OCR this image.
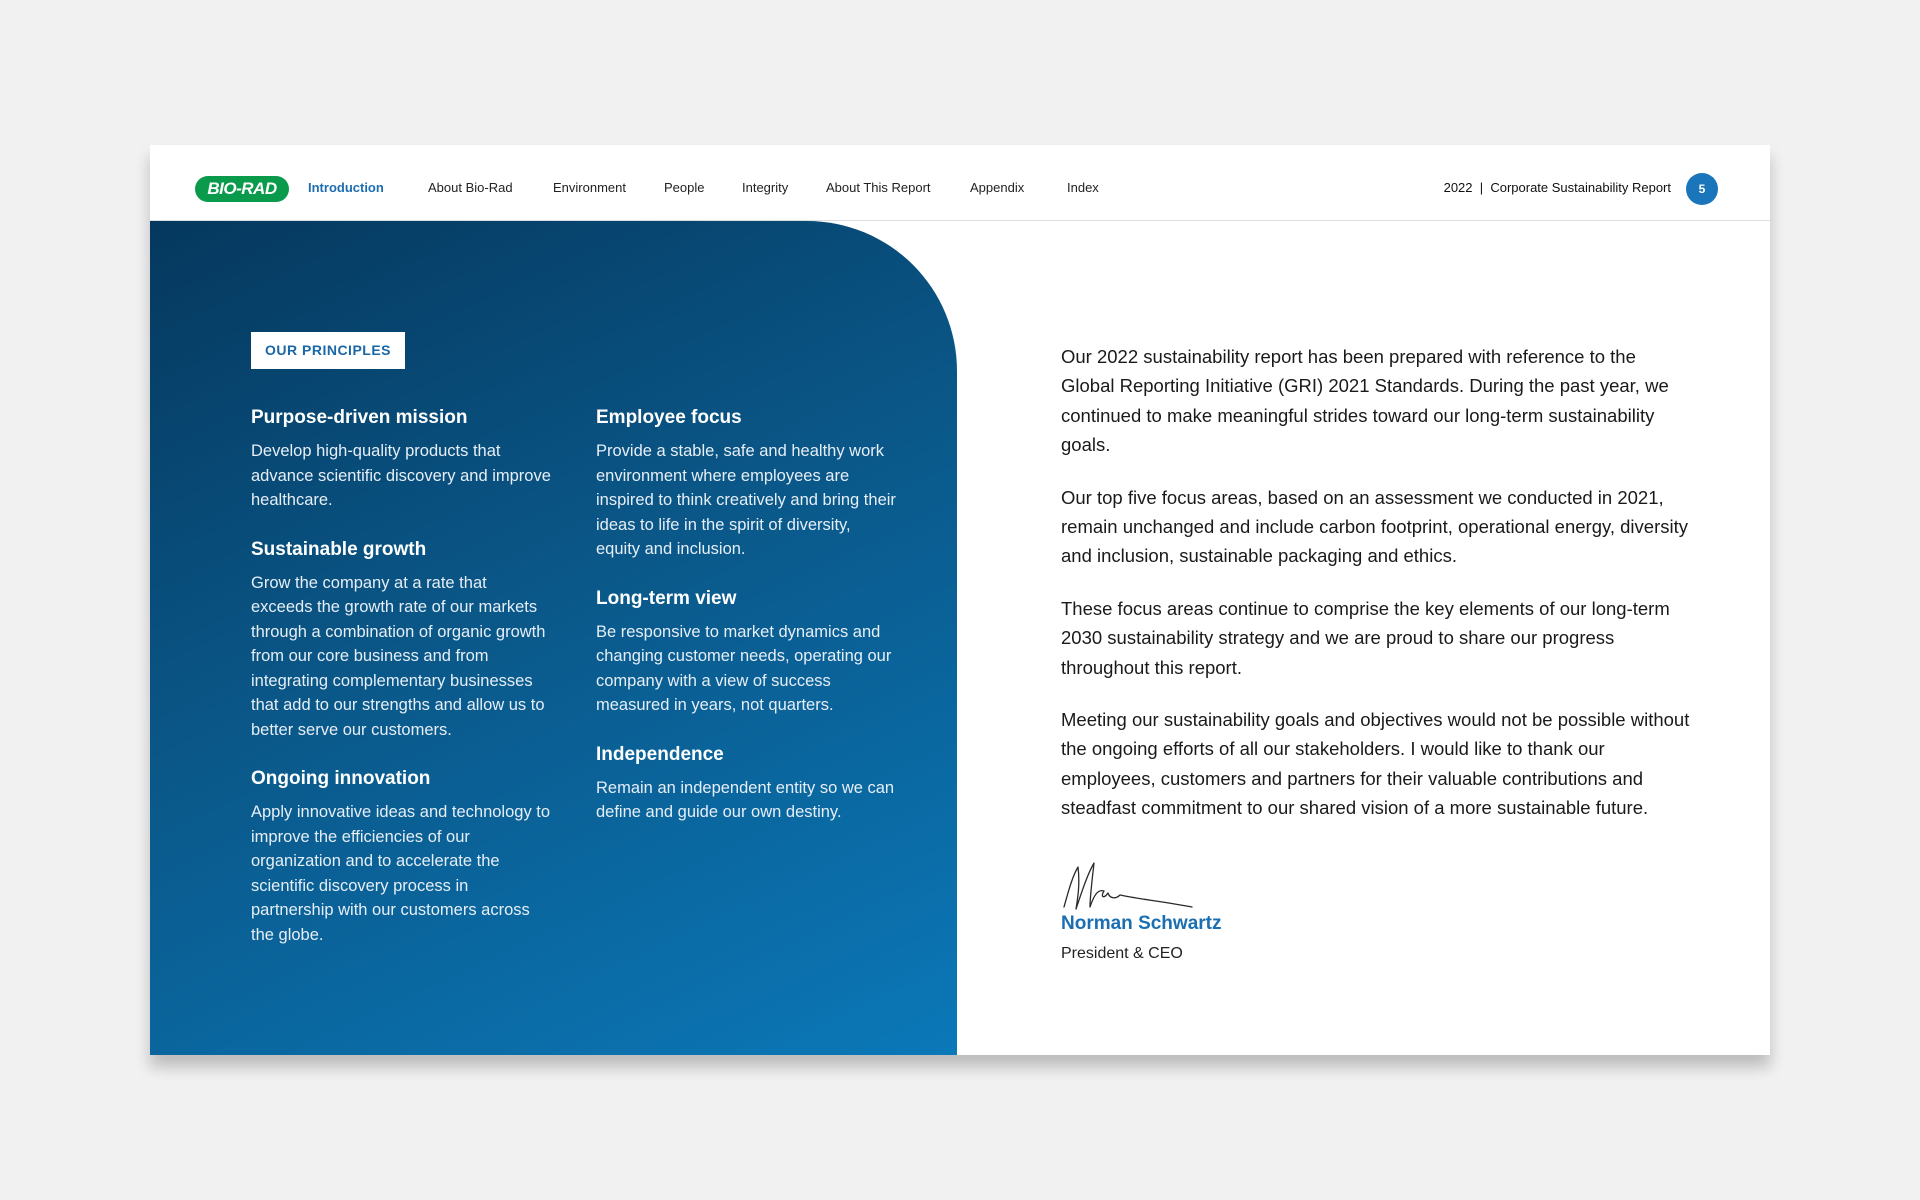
BIO-RAD Introduction	About Bio-Rad	Environment	People	Integrity	About This Report	Appendix	Index	2022  |  Corporate Sustainability Report	5
OUR PRINCIPLES
Purpose-driven mission

Develop high-quality products that advance scientific discovery and improve healthcare.

Sustainable growth

Grow the company at a rate that exceeds the growth rate of our markets through a combination of organic growth from our core business and from integrating complementary businesses that add to our strengths and allow us to better serve our customers.

Ongoing innovation

Apply innovative ideas and technology to improve the efficiencies of our organization and to accelerate the scientific discovery process in partnership with our customers across the globe.

Employee focus

Provide a stable, safe and healthy work environment where employees are inspired to think creatively and bring their ideas to life in the spirit of diversity, equity and inclusion.

Long-term view

Be responsive to market dynamics and changing customer needs, operating our company with a view of success measured in years, not quarters.

Independence

Remain an independent entity so we can define and guide our own destiny.

Our 2022 sustainability report has been prepared with reference to the Global Reporting Initiative (GRI) 2021 Standards. During the past year, we continued to make meaningful strides toward our long-term sustainability goals.

Our top five focus areas, based on an assessment we conducted in 2021, remain unchanged and include carbon footprint, operational energy, diversity and inclusion, sustainable packaging and ethics.

These focus areas continue to comprise the key elements of our long-term 2030 sustainability strategy and we are proud to share our progress throughout this report.

Meeting our sustainability goals and objectives would not be possible without the ongoing efforts of all our stakeholders. I would like to thank our employees, customers and partners for their valuable contributions and steadfast commitment to our shared vision of a more sustainable future.

Norman Schwartz
President & CEO
